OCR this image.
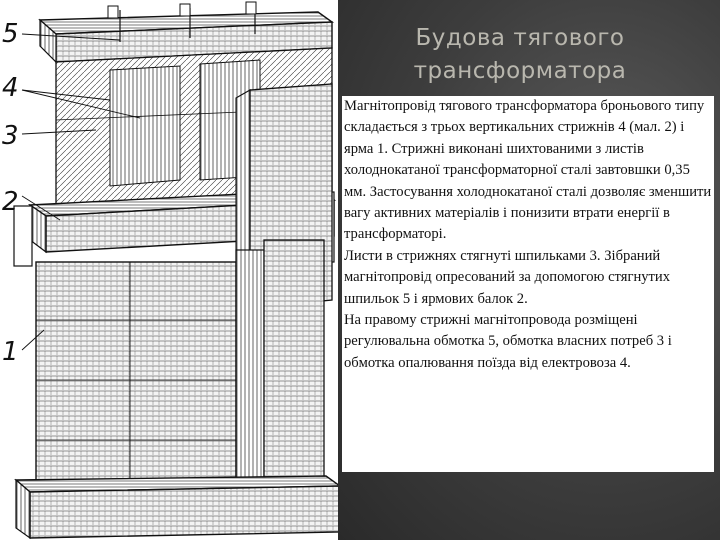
5
4
3
2
1
Будова тягового трансформатора

Магнітопровід тягового трансформатора броньового типу складається з трьох вертикальних стрижнів 4 (мал. 2) і ярма 1. Стрижні виконані шихтованими з листів холоднокатаної трансформаторної сталі завтовшки 0,35 мм. Застосування холоднокатаної сталі дозволяє зменшити вагу активних матеріалів і понизити втрати енергії в трансформаторі.

Листи в стрижнях стягнуті шпильками 3. Зібраний магнітопровід опресований за допомогою стягнутих шпильок 5 і ярмових балок 2.

На правому стрижні магнітопровода розміщені регулювальна обмотка 5, обмотка власних потреб 3 і обмотка опалювання поїзда від електровоза 4.
